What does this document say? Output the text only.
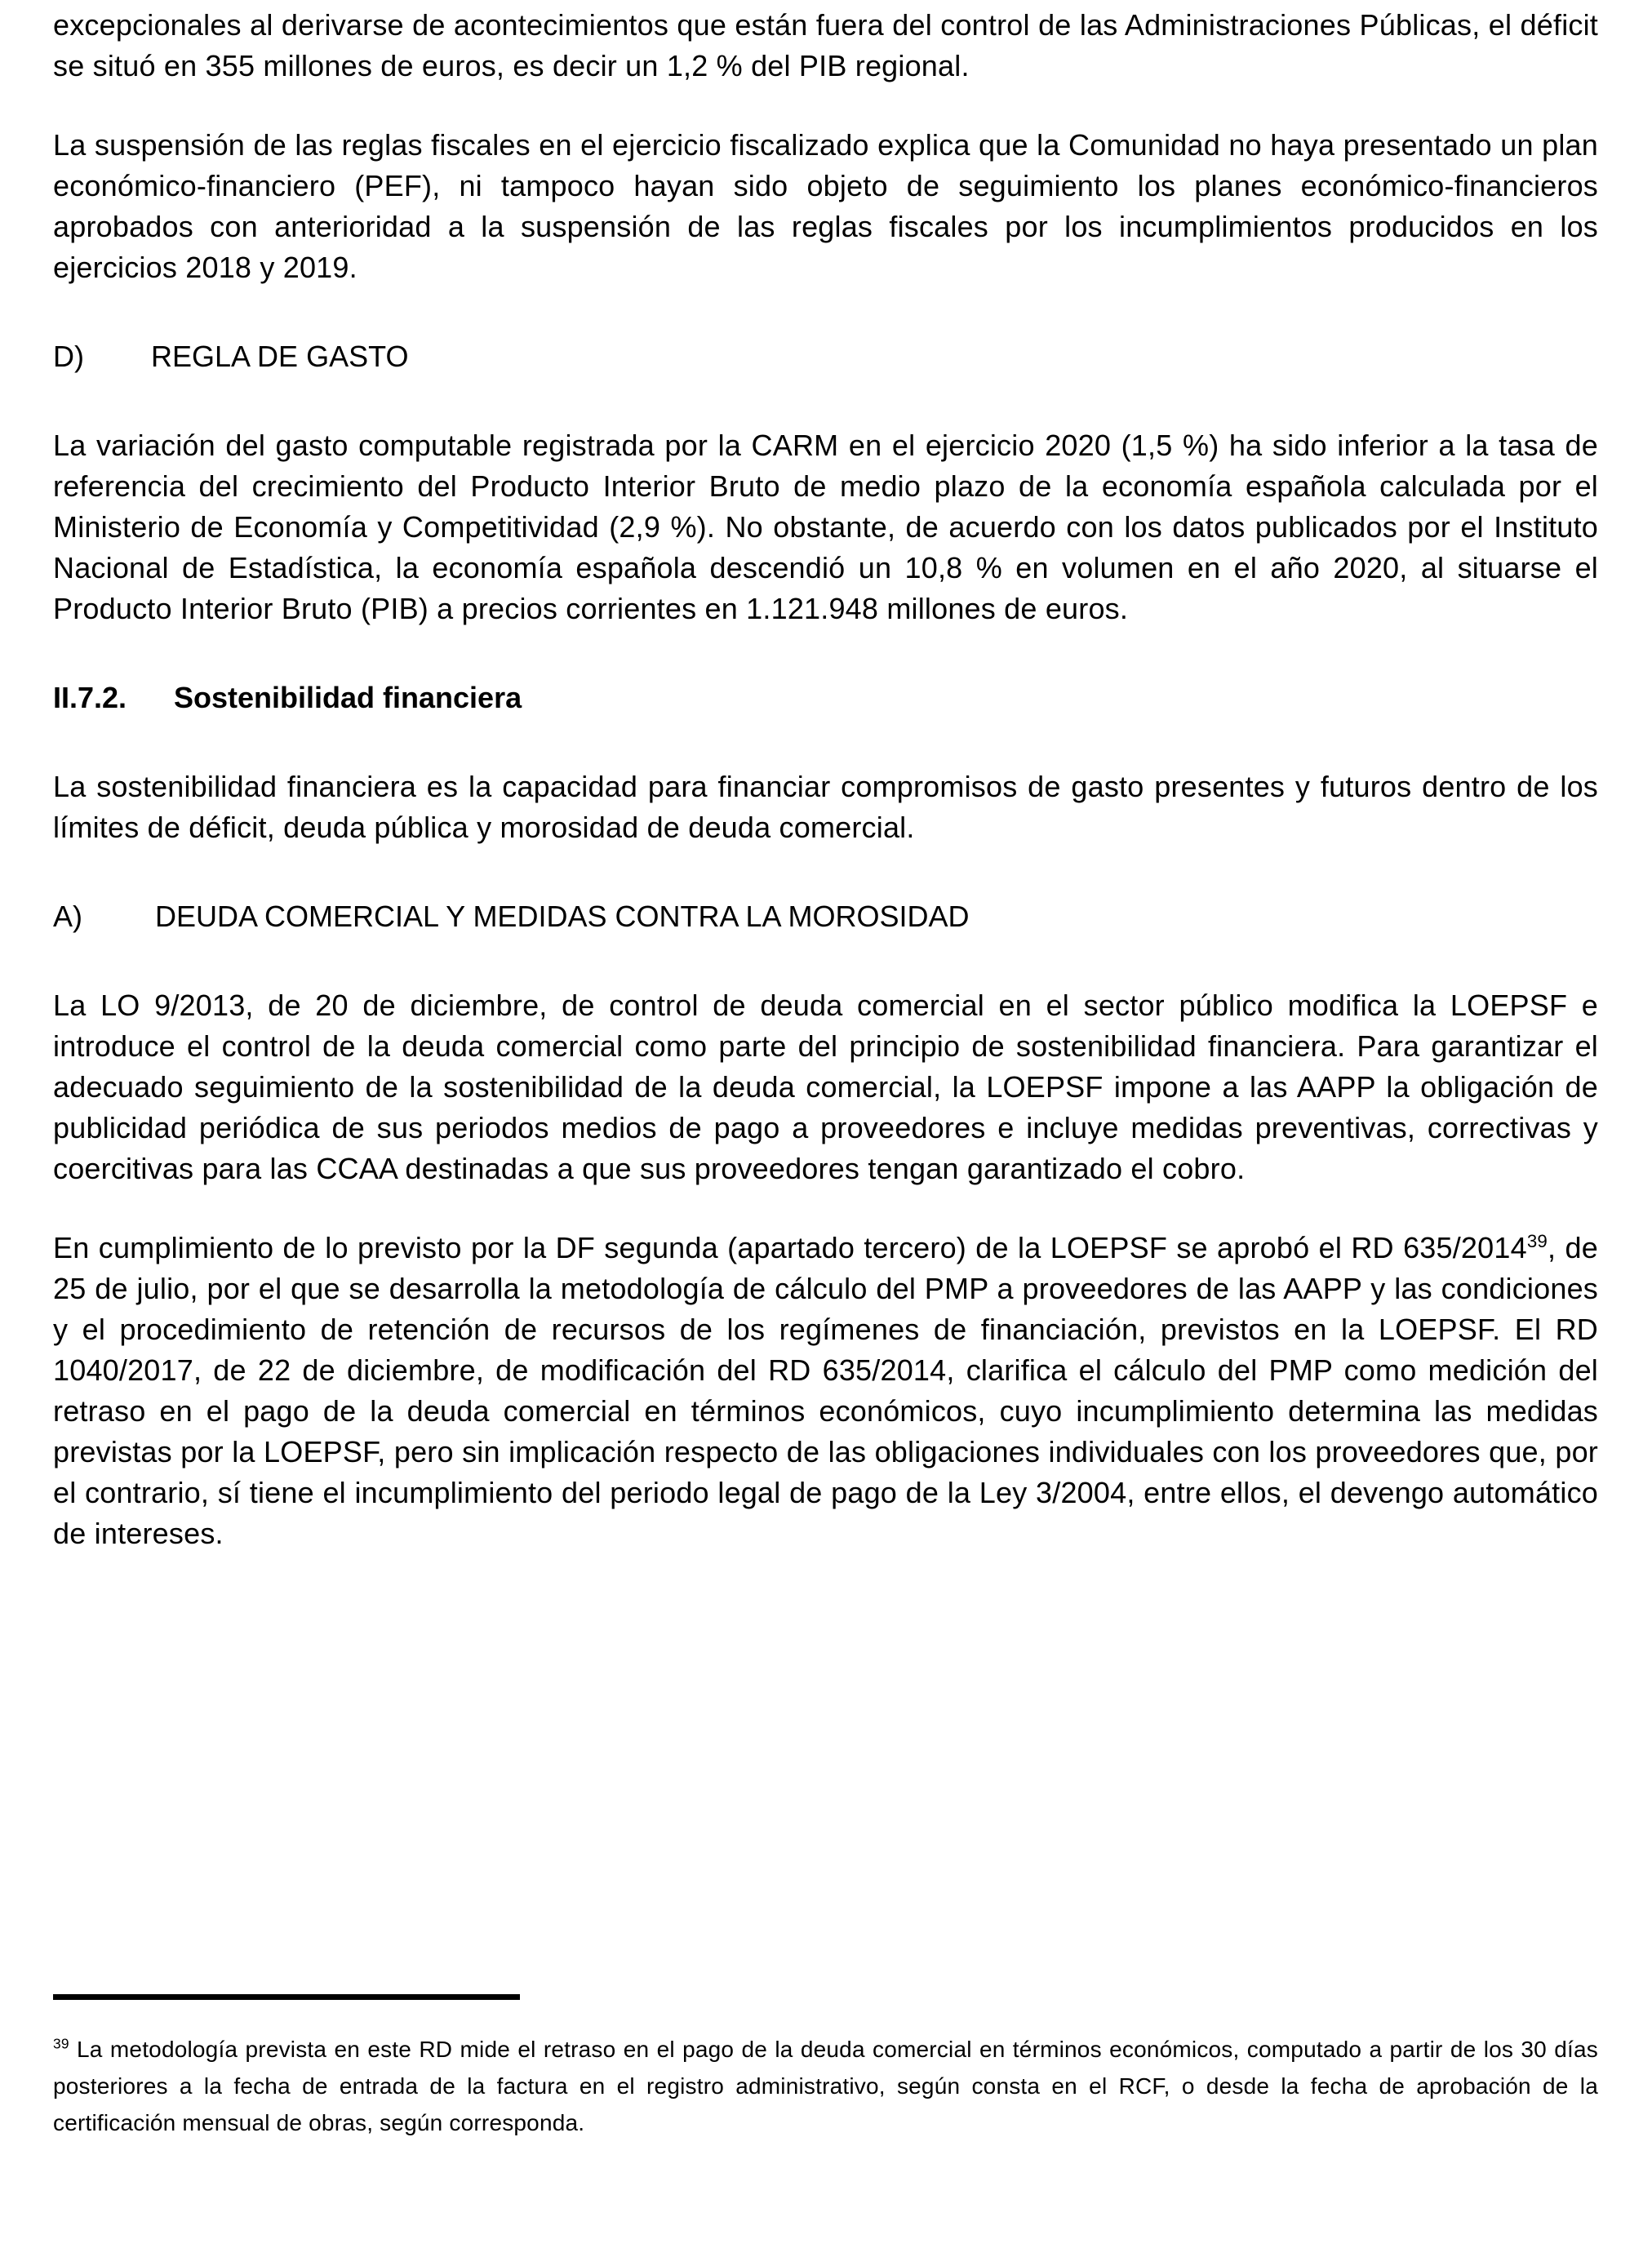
excepcionales al derivarse de acontecimientos que están fuera del control de las Administraciones Públicas, el déficit se situó en 355 millones de euros, es decir un 1,2 % del PIB regional.

La suspensión de las reglas fiscales en el ejercicio fiscalizado explica que la Comunidad no haya presentado un plan económico-financiero (PEF), ni tampoco hayan sido objeto de seguimiento los planes económico-financieros aprobados con anterioridad a la suspensión de las reglas fiscales por los incumplimientos producidos en los ejercicios 2018 y 2019.

D)	REGLA DE GASTO

La variación del gasto computable registrada por la CARM en el ejercicio 2020 (1,5 %) ha sido inferior a la tasa de referencia del crecimiento del Producto Interior Bruto de medio plazo de la economía española calculada por el Ministerio de Economía y Competitividad (2,9 %). No obstante, de acuerdo con los datos publicados por el Instituto Nacional de Estadística, la economía española descendió un 10,8 % en volumen en el año 2020, al situarse el Producto Interior Bruto (PIB) a precios corrientes en 1.121.948 millones de euros.

II.7.2.	Sostenibilidad financiera

La sostenibilidad financiera es la capacidad para financiar compromisos de gasto presentes y futuros dentro de los límites de déficit, deuda pública y morosidad de deuda comercial.

A)	DEUDA COMERCIAL Y MEDIDAS CONTRA LA MOROSIDAD

La LO 9/2013, de 20 de diciembre, de control de deuda comercial en el sector público modifica la LOEPSF e introduce el control de la deuda comercial como parte del principio de sostenibilidad financiera. Para garantizar el adecuado seguimiento de la sostenibilidad de la deuda comercial, la LOEPSF impone a las AAPP la obligación de publicidad periódica de sus periodos medios de pago a proveedores e incluye medidas preventivas, correctivas y coercitivas para las CCAA destinadas a que sus proveedores tengan garantizado el cobro.

En cumplimiento de lo previsto por la DF segunda (apartado tercero) de la LOEPSF se aprobó el RD 635/2014$^{39}$, de 25 de julio, por el que se desarrolla la metodología de cálculo del PMP a proveedores de las AAPP y las condiciones y el procedimiento de retención de recursos de los regímenes de financiación, previstos en la LOEPSF. El RD 1040/2017, de 22 de diciembre, de modificación del RD 635/2014, clarifica el cálculo del PMP como medición del retraso en el pago de la deuda comercial en términos económicos, cuyo incumplimiento determina las medidas previstas por la LOEPSF, pero sin implicación respecto de las obligaciones individuales con los proveedores que, por el contrario, sí tiene el incumplimiento del periodo legal de pago de la Ley 3/2004, entre ellos, el devengo automático de intereses.

$^{39}$ La metodología prevista en este RD mide el retraso en el pago de la deuda comercial en términos económicos, computado a partir de los 30 días posteriores a la fecha de entrada de la factura en el registro administrativo, según consta en el RCF, o desde la fecha de aprobación de la certificación mensual de obras, según corresponda.
